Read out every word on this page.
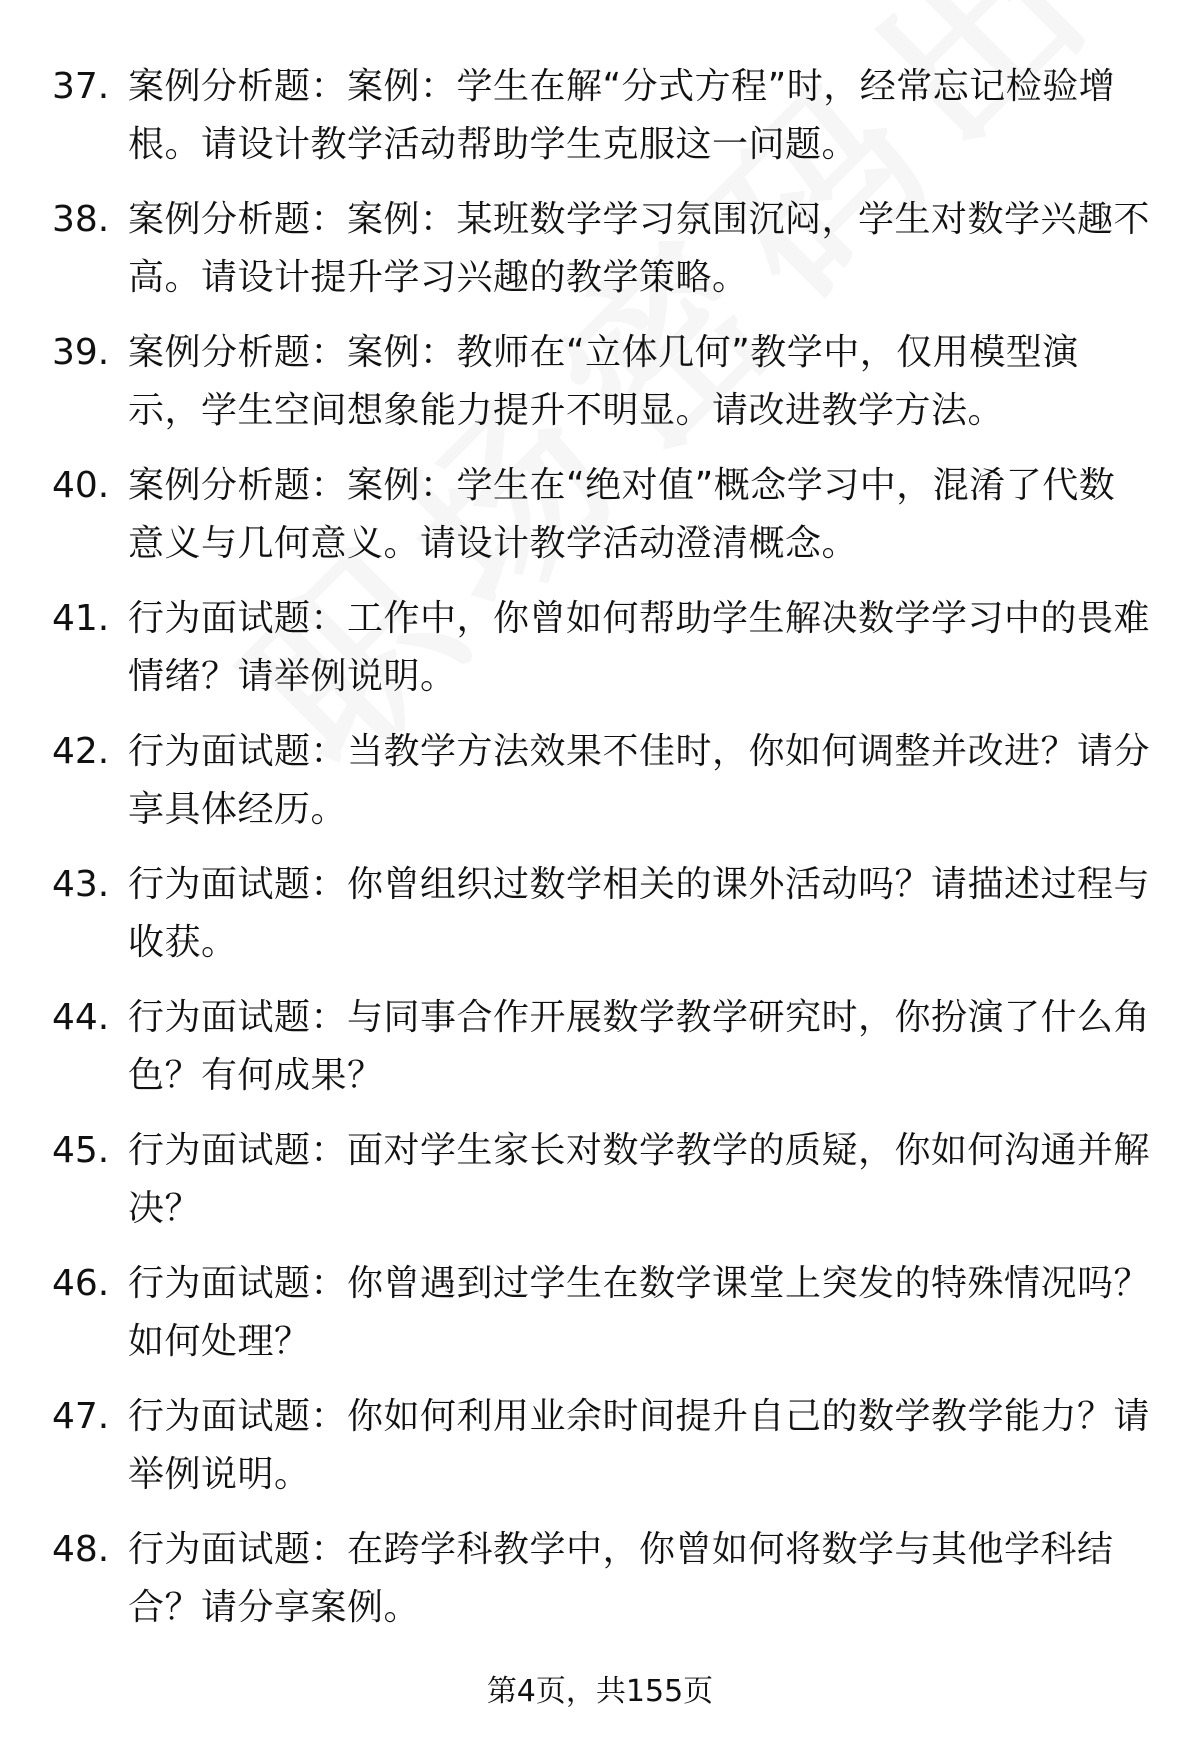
37. 案例分析题：案例：学生在解“分式方程”时，经常忘记检验增
根。请设计教学活动帮助学生克服这一问题。
38. 案例分析题：案例：某班数学学习氛围沉闷，学生对数学兴趣不
高。请设计提升学习兴趣的教学策略。
39. 案例分析题：案例：教师在“立体几何”教学中，仅用模型演
示，学生空间想象能力提升不明显。请改进教学方法。
40. 案例分析题：案例：学生在“绝对值”概念学习中，混淆了代数
意义与几何意义。请设计教学活动澄清概念。
41. 行为面试题：工作中，你曾如何帮助学生解决数学学习中的畏难
情绪？请举例说明。
42. 行为面试题：当教学方法效果不佳时，你如何调整并改进？请分
享具体经历。
43. 行为面试题：你曾组织过数学相关的课外活动吗？请描述过程与
收获。
44. 行为面试题：与同事合作开展数学教学研究时，你扮演了什么角
色？有何成果？
45. 行为面试题：面对学生家长对数学教学的质疑，你如何沟通并解
决？
46. 行为面试题：你曾遇到过学生在数学课堂上突发的特殊情况吗？
如何处理？
47. 行为面试题：你如何利用业余时间提升自己的数学教学能力？请
举例说明。
48. 行为面试题：在跨学科教学中，你曾如何将数学与其他学科结
合？请分享案例。
第4页，共155页
